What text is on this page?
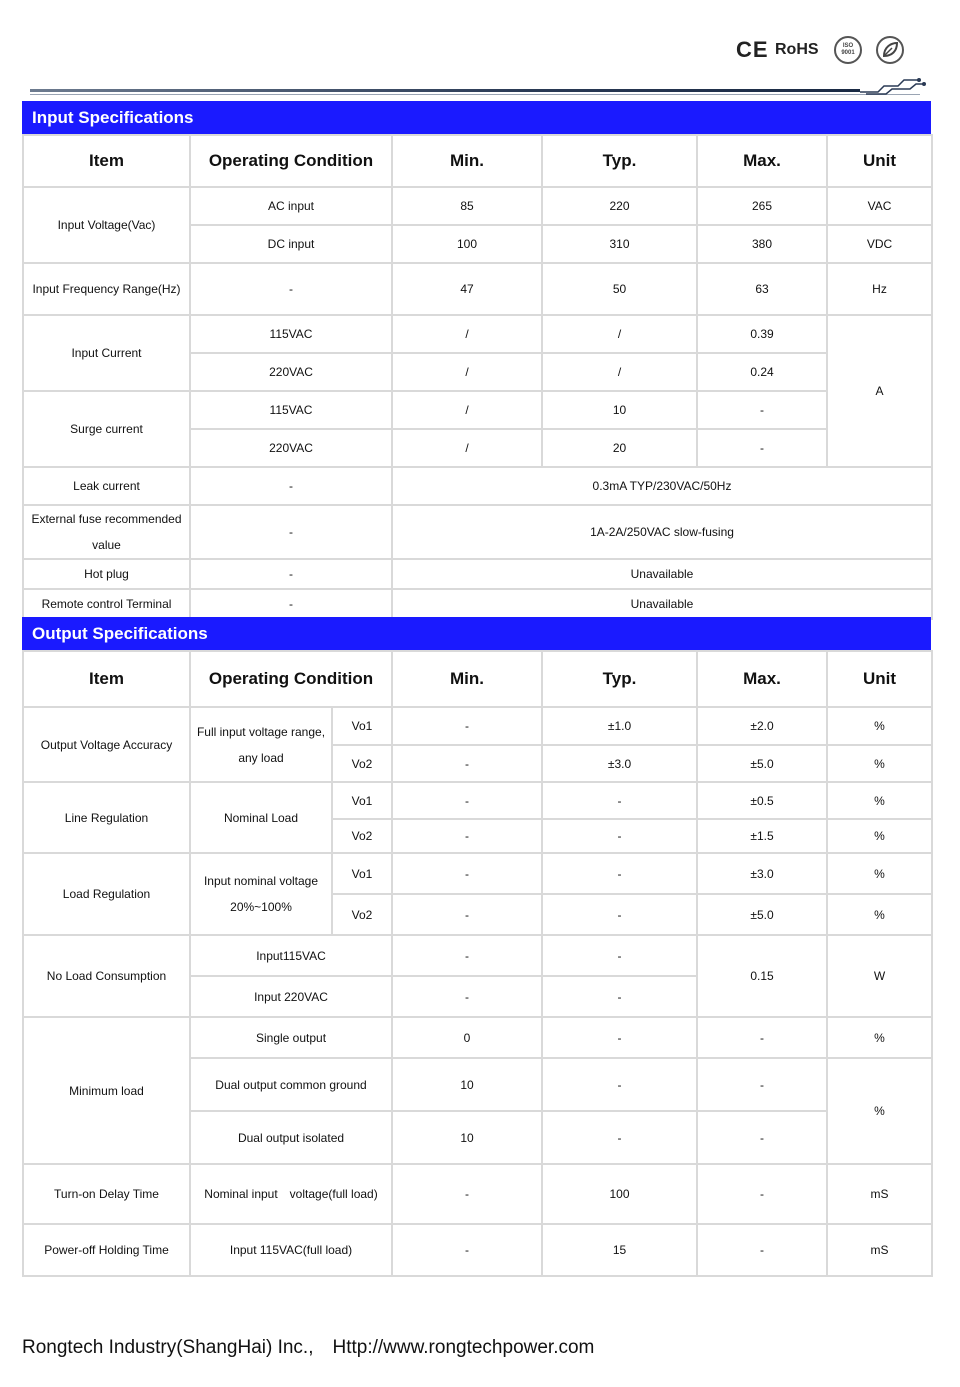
CE RoHS	ISO 9001
Input Specifications
Item	Operating Condition	Min.	Typ.	Max.	Unit
Input Voltage(Vac)	AC input	85	220	265	VAC
	DC input	100	310	380	VDC
Input Frequency Range(Hz)	-	47	50	63	Hz
Input Current	115VAC	/	/	0.39	A
	220VAC	/	/	0.24	
Surge current	115VAC	/	10	-	
	220VAC	/	20	-	
Leak current	-	0.3mA TYP/230VAC/50Hz			
External fuse recommended value	-	1A-2A/250VAC slow-fusing			
Hot plug	-	Unavailable			
Remote control Terminal	-	Unavailable			
Output Specifications
Item	Operating Condition		Min.	Typ.	Max.	Unit
Output Voltage Accuracy	Full input voltage range, any load	Vo1	-	±1.0	±2.0	%
		Vo2	-	±3.0	±5.0	%
Line Regulation	Nominal Load	Vo1	-	-	±0.5	%
		Vo2	-	-	±1.5	%
Load Regulation	Input nominal voltage 20%~100%	Vo1	-	-	±3.0	%
		Vo2	-	-	±5.0	%
No Load Consumption	Input115VAC		-	-	0.15	W
	Input 220VAC		-	-		
Minimum load	Single output		0	-	-	%
	Dual output common ground		10	-	-	%
	Dual output isolated		10	-	-	
Turn-on Delay Time	Nominal input　voltage(full load)		-	100	-	mS
Power-off Holding Time	Input 115VAC(full load)		-	15	-	mS
Rongtech Industry(ShangHai) Inc.,　Http://www.rongtechpower.com
